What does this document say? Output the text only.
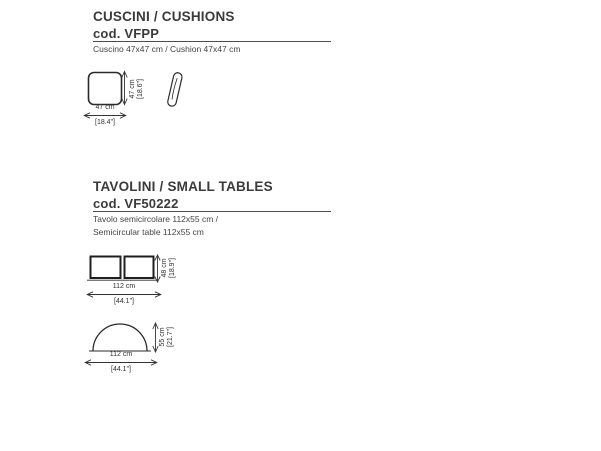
CUSCINI / CUSHIONS
cod. VFPP
Cuscino 47x47 cm / Cushion 47x47 cm
47 cm [18.6"]
47 cm
[18.4"]
TAVOLINI / SMALL TABLES
cod. VF50222
Tavolo semicircolare 112x55 cm /
Semicircular table 112x55 cm
48 cm [18.9"]
112 cm
[44.1"]
55 cm [21.7"]
112 cm
[44.1"]
